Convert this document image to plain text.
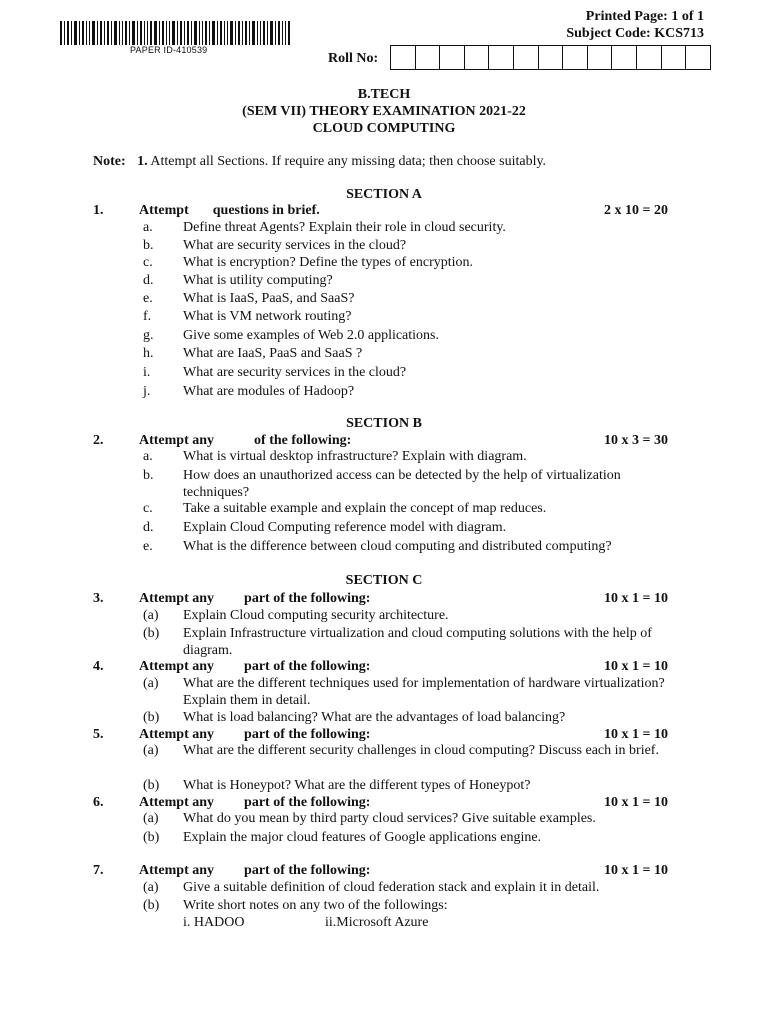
PAPER ID-410539
Printed Page: 1 of 1
Subject Code: KCS713
Roll No:
B.TECH
(SEM VII) THEORY EXAMINATION 2021-22
CLOUD COMPUTING
Note: 1. Attempt all Sections. If require any missing data; then choose suitably.
SECTION A
1.	Attempt questions in brief.	2 x 10 = 20
a. Define threat Agents? Explain their role in cloud security.
b. What are security services in the cloud?
c. What is encryption? Define the types of encryption.
d. What is utility computing?
e. What is IaaS, PaaS, and SaaS?
f. What is VM network routing?
g. Give some examples of Web 2.0 applications.
h. What are IaaS, PaaS and SaaS ?
i. What are security services in the cloud?
j. What are modules of Hadoop?
SECTION B
2.	Attempt any	of the following:	10 x 3 = 30
a. What is virtual desktop infrastructure? Explain with diagram.
b. How does an unauthorized access can be detected by the help of virtualization techniques?
c. Take a suitable example and explain the concept of map reduces.
d. Explain Cloud Computing reference model with diagram.
e. What is the difference between cloud computing and distributed computing?
SECTION C
3.	Attempt any part of the following:	10 x 1 = 10
(a) Explain Cloud computing security architecture.
(b) Explain Infrastructure virtualization and cloud computing solutions with the help of diagram.
4.	Attempt any part of the following:	10 x 1 = 10
(a) What are the different techniques used for implementation of hardware virtualization? Explain them in detail.
(b) What is load balancing? What are the advantages of load balancing?
5.	Attempt any part of the following:	10 x 1 = 10
(a) What are the different security challenges in cloud computing? Discuss each in brief.
(b) What is Honeypot? What are the different types of Honeypot?
6.	Attempt any part of the following:	10 x 1 = 10
(a) What do you mean by third party cloud services? Give suitable examples.
(b) Explain the major cloud features of Google applications engine.
7.	Attempt any part of the following:	10 x 1 = 10
(a) Give a suitable definition of cloud federation stack and explain it in detail.
(b) Write short notes on any two of the followings:
i. HADOO	ii.Microsoft Azure
